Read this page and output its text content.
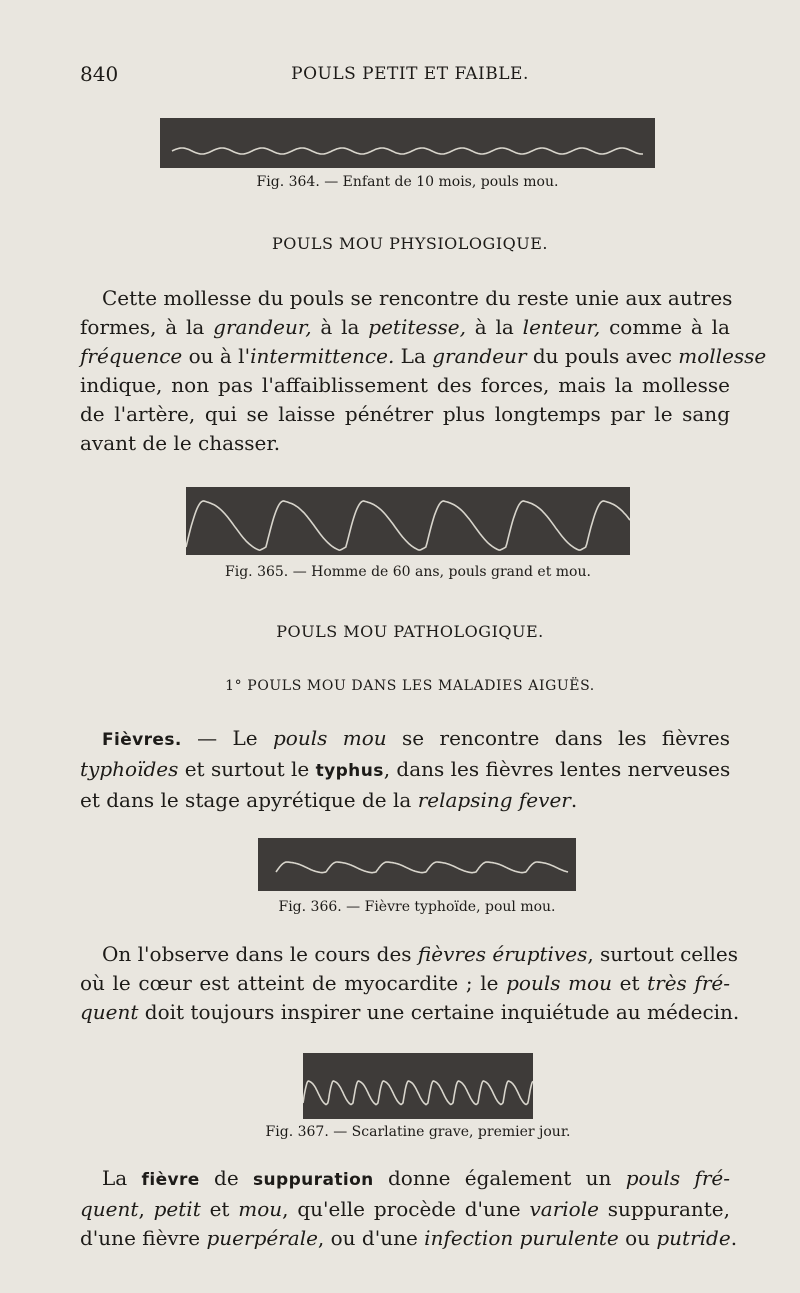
840	POULS PETIT ET FAIBLE.
Fig. 364. — Enfant de 10 mois, pouls mou.
POULS MOU PHYSIOLOGIQUE.

Cette mollesse du pouls se rencontre du reste unie aux autres
formes, à la grandeur, à la petitesse, à la lenteur, comme à la
fréquence ou à l'intermittence. La grandeur du pouls avec mollesse
indique, non pas l'affaiblissement des forces, mais la mollesse
de l'artère, qui se laisse pénétrer plus longtemps par le sang
avant de le chasser.

Fig. 365. — Homme de 60 ans, pouls grand et mou.
POULS MOU PATHOLOGIQUE.
1° POULS MOU DANS LES MALADIES AIGUËS.

Fièvres. — Le pouls mou se rencontre dans les fièvres
typhoïdes et surtout le typhus, dans les fièvres lentes nerveuses
et dans le stage apyrétique de la relapsing fever.

Fig. 366. — Fièvre typhoïde, poul mou.

On l'observe dans le cours des fièvres éruptives, surtout celles
où le cœur est atteint de myocardite ; le pouls mou et très fré-
quent doit toujours inspirer une certaine inquiétude au médecin.

Fig. 367. — Scarlatine grave, premier jour.

La fièvre de suppuration donne également un pouls fré-
quent, petit et mou, qu'elle procède d'une variole suppurante,
d'une fièvre puerpérale, ou d'une infection purulente ou putride.
